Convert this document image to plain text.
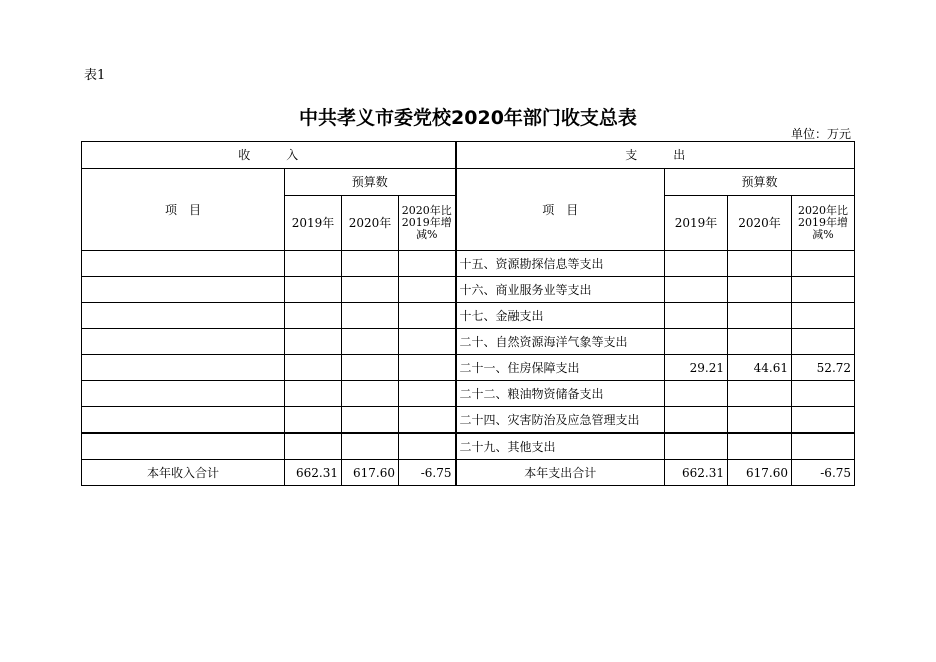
表1
中共孝义市委党校2020年部门收支总表
单位：万元
收　　　入				支　　　出			
项　目	预算数			项　目	预算数		
	2019年	2020年	2020年比2019年增减%		2019年	2020年	2020年比2019年增减%
				十五、资源勘探信息等支出			
				十六、商业服务业等支出			
				十七、金融支出			
				二十、自然资源海洋气象等支出			
				二十一、住房保障支出	29.21	44.61	52.72
				二十二、粮油物资储备支出			
				二十四、灾害防治及应急管理支出			
				二十九、其他支出			
本年收入合计	662.31	617.60	-6.75	本年支出合计	662.31	617.60	-6.75
